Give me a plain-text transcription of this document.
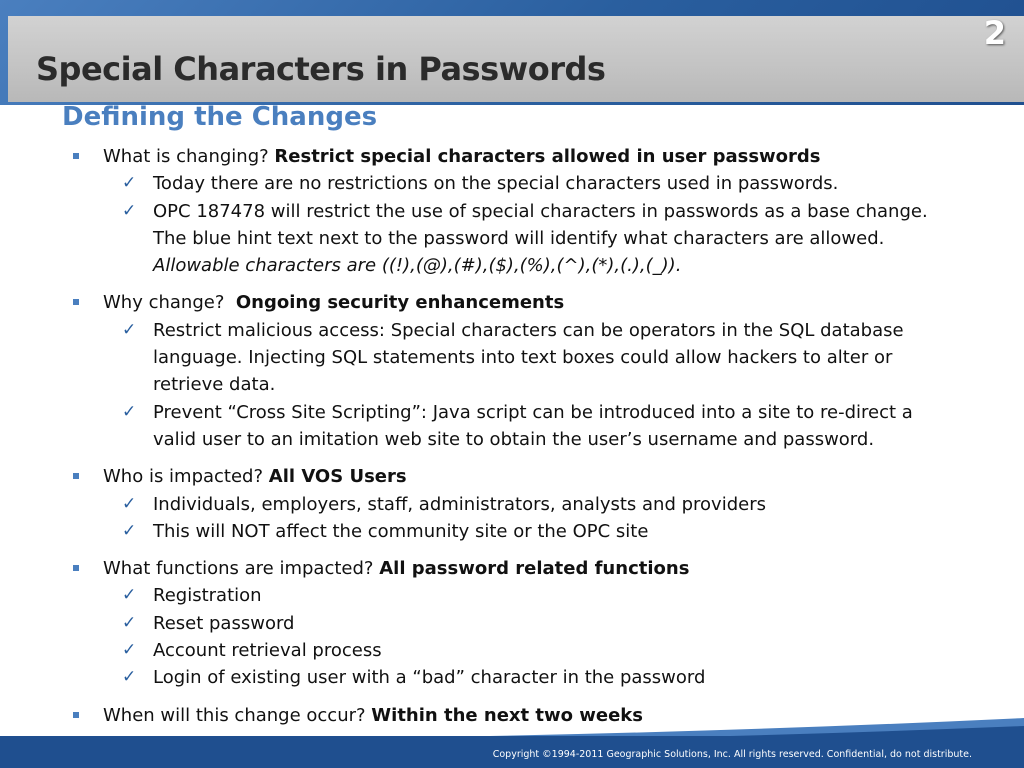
Special Characters in Passwords
2
Defining the Changes
What is changing? Restrict special characters allowed in user passwords
✓ Today there are no restrictions on the special characters used in passwords.
✓ OPC 187478 will restrict the use of special characters in passwords as a base change.
The blue hint text next to the password will identify what characters are allowed.
Allowable characters are ((!),(@),(#),($),(%),(^),(*),(.),(_)).
Why change? Ongoing security enhancements
✓ Restrict malicious access: Special characters can be operators in the SQL database
language. Injecting SQL statements into text boxes could allow hackers to alter or
retrieve data.
✓ Prevent “Cross Site Scripting”: Java script can be introduced into a site to re-direct a
valid user to an imitation web site to obtain the user’s username and password.
Who is impacted? All VOS Users
✓ Individuals, employers, staff, administrators, analysts and providers
✓ This will NOT affect the community site or the OPC site
What functions are impacted? All password related functions
✓ Registration
✓ Reset password
✓ Account retrieval process
✓ Login of existing user with a “bad” character in the password
When will this change occur? Within the next two weeks
Copyright ©1994-2011 Geographic Solutions, Inc. All rights reserved. Confidential, do not distribute.
